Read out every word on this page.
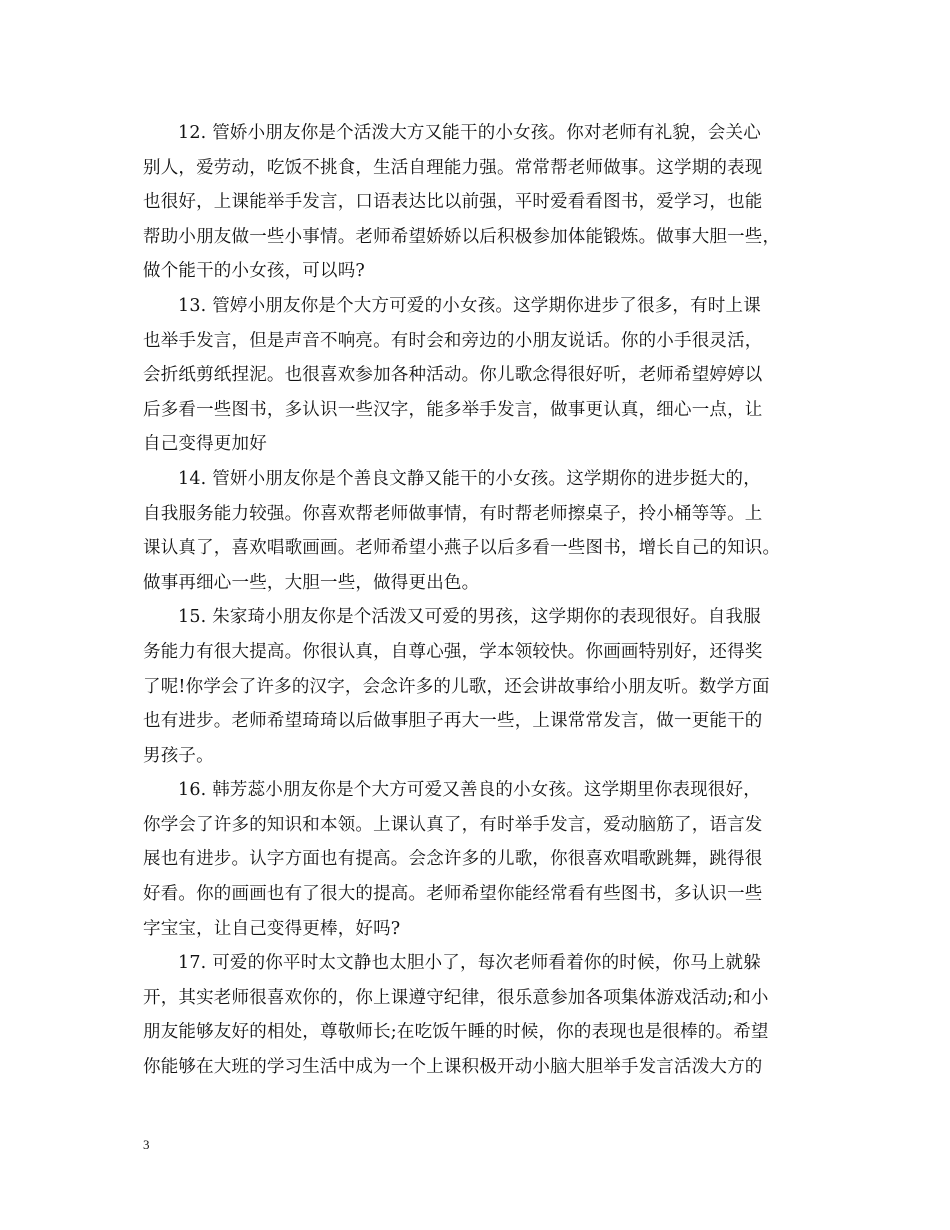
12. 管娇小朋友你是个活泼大方又能干的小女孩。你对老师有礼貌，会关心
别人，爱劳动，吃饭不挑食，生活自理能力强。常常帮老师做事。这学期的表现
也很好，上课能举手发言，口语表达比以前强，平时爱看看图书，爱学习，也能
帮助小朋友做一些小事情。老师希望娇娇以后积极参加体能锻炼。做事大胆一些，
做个能干的小女孩，可以吗?
13. 管婷小朋友你是个大方可爱的小女孩。这学期你进步了很多，有时上课
也举手发言，但是声音不响亮。有时会和旁边的小朋友说话。你的小手很灵活，
会折纸剪纸捏泥。也很喜欢参加各种活动。你儿歌念得很好听，老师希望婷婷以
后多看一些图书，多认识一些汉字，能多举手发言，做事更认真，细心一点，让
自己变得更加好
14. 管妍小朋友你是个善良文静又能干的小女孩。这学期你的进步挺大的，
自我服务能力较强。你喜欢帮老师做事情，有时帮老师擦桌子，拎小桶等等。上
课认真了，喜欢唱歌画画。老师希望小燕子以后多看一些图书，增长自己的知识。
做事再细心一些，大胆一些，做得更出色。
15. 朱家琦小朋友你是个活泼又可爱的男孩，这学期你的表现很好。自我服
务能力有很大提高。你很认真，自尊心强，学本领较快。你画画特别好，还得奖
了呢!你学会了许多的汉字，会念许多的儿歌，还会讲故事给小朋友听。数学方面
也有进步。老师希望琦琦以后做事胆子再大一些，上课常常发言，做一更能干的
男孩子。
16. 韩芳蕊小朋友你是个大方可爱又善良的小女孩。这学期里你表现很好，
你学会了许多的知识和本领。上课认真了，有时举手发言，爱动脑筋了，语言发
展也有进步。认字方面也有提高。会念许多的儿歌，你很喜欢唱歌跳舞，跳得很
好看。你的画画也有了很大的提高。老师希望你能经常看有些图书，多认识一些
字宝宝，让自己变得更棒，好吗?
17. 可爱的你平时太文静也太胆小了，每次老师看着你的时候，你马上就躲
开，其实老师很喜欢你的，你上课遵守纪律，很乐意参加各项集体游戏活动;和小
朋友能够友好的相处，尊敬师长;在吃饭午睡的时候，你的表现也是很棒的。希望
你能够在大班的学习生活中成为一个上课积极开动小脑大胆举手发言活泼大方的
3
